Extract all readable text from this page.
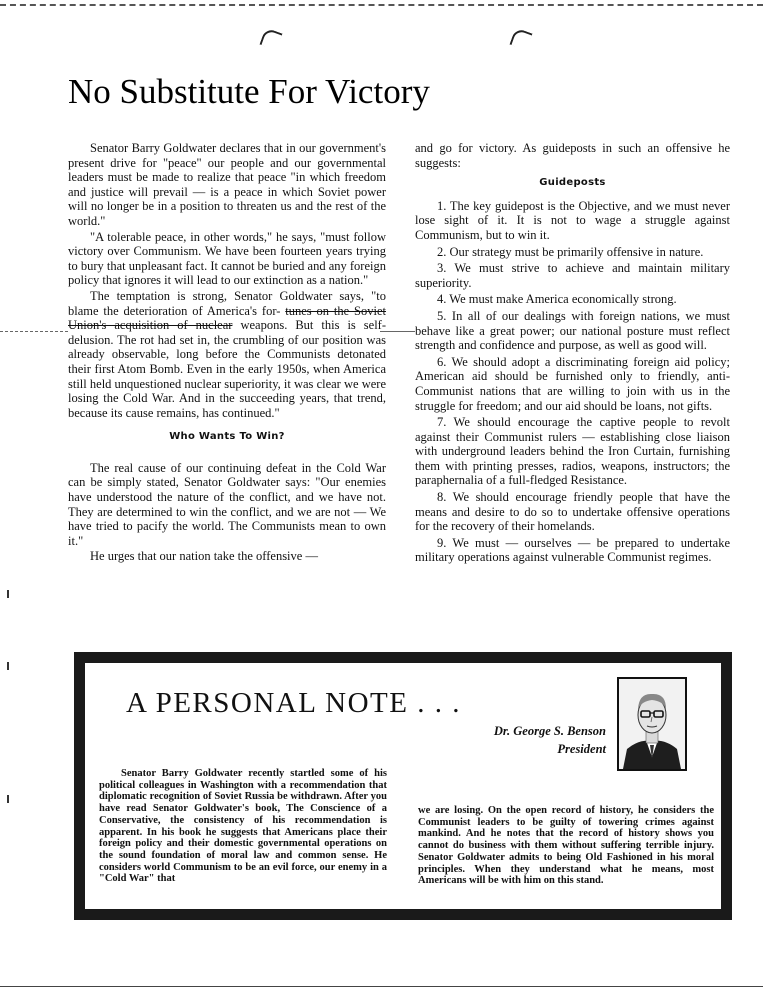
No Substitute For Victory

Senator Barry Goldwater declares that in our government's present drive for "peace" our people and our governmental leaders must be made to realize that peace "in which freedom and justice will prevail — is a peace in which Soviet power will no longer be in a position to threaten us and the rest of the world."

"A tolerable peace, in other words," he says, "must follow victory over Communism. We have been fourteen years trying to bury that unpleasant fact. It cannot be buried and any foreign policy that ignores it will lead to our extinction as a nation."

The temptation is strong, Senator Goldwater says, "to blame the deterioration of America's for- tunes on the Soviet Union's acquisition of nuclear weapons. But this is self-delusion. The rot had set in, the crumbling of our position was already observable, long before the Communists detonated their first Atom Bomb. Even in the early 1950s, when America still held unquestioned nuclear superiority, it was clear we were losing the Cold War. And in the succeeding years, that trend, because its cause remains, has continued."

Who Wants To Win?

The real cause of our continuing defeat in the Cold War can be simply stated, Senator Goldwater says: "Our enemies have understood the nature of the conflict, and we have not. They are determined to win the conflict, and we are not — We have tried to pacify the world. The Communists mean to own it."

He urges that our nation take the offensive —

and go for victory. As guideposts in such an offensive he suggests:

Guideposts
1. The key guidepost is the Objective, and we must never lose sight of it. It is not to wage a struggle against Communism, but to win it.
2. Our strategy must be primarily offensive in nature.
3. We must strive to achieve and maintain military superiority.
4. We must make America economically strong.
5. In all of our dealings with foreign nations, we must behave like a great power; our national posture must reflect strength and confidence and purpose, as well as good will.
6. We should adopt a discriminating foreign aid policy; American aid should be furnished only to friendly, anti-Communist nations that are willing to join with us in the struggle for freedom; and our aid should be loans, not gifts.
7. We should encourage the captive people to revolt against their Communist rulers — establishing close liaison with underground leaders behind the Iron Curtain, furnishing them with printing presses, radios, weapons, instructors; the paraphernalia of a full-fledged Resistance.
8. We should encourage friendly people that have the means and desire to do so to undertake offensive operations for the recovery of their homelands.
9. We must — ourselves — be prepared to undertake military operations against vulnerable Communist regimes.
A PERSONAL NOTE . . .
Dr. George S. Benson
President
Senator Barry Goldwater recently startled some of his political colleagues in Washington with a recommendation that diplomatic recognition of Soviet Russia be withdrawn. After you have read Senator Goldwater's book, The Conscience of a Conservative, the consistency of his recommendation is apparent. In his book he suggests that Americans place their foreign policy and their domestic governmental operations on the sound foundation of moral law and common sense. He considers world Communism to be an evil force, our enemy in a "Cold War" that
we are losing. On the open record of history, he considers the Communist leaders to be guilty of towering crimes against mankind. And he notes that the record of history shows you cannot do business with them without suffering terrible injury. Senator Goldwater admits to being Old Fashioned in his moral principles. When they understand what he means, most Americans will be with him on this stand.
